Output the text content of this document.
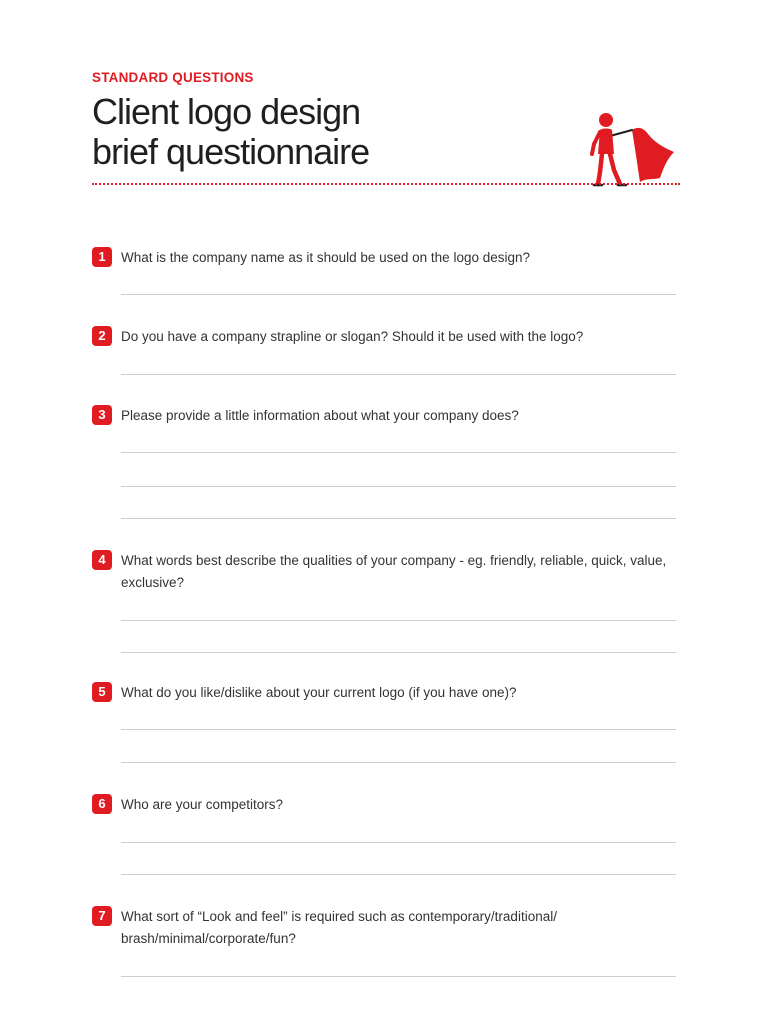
STANDARD QUESTIONS
Client logo design
brief questionnaire
1	What is the company name as it should be used on the logo design?
2	Do you have a company strapline or slogan? Should it be used with the logo?
3	Please provide a little information about what your company does?
4	What words best describe the qualities of your company - eg. friendly, reliable, quick, value, exclusive?
5	What do you like/dislike about your current logo (if you have one)?
6	Who are your competitors?
7	What sort of “Look and feel” is required such as contemporary/traditional/ brash/minimal/corporate/fun?
